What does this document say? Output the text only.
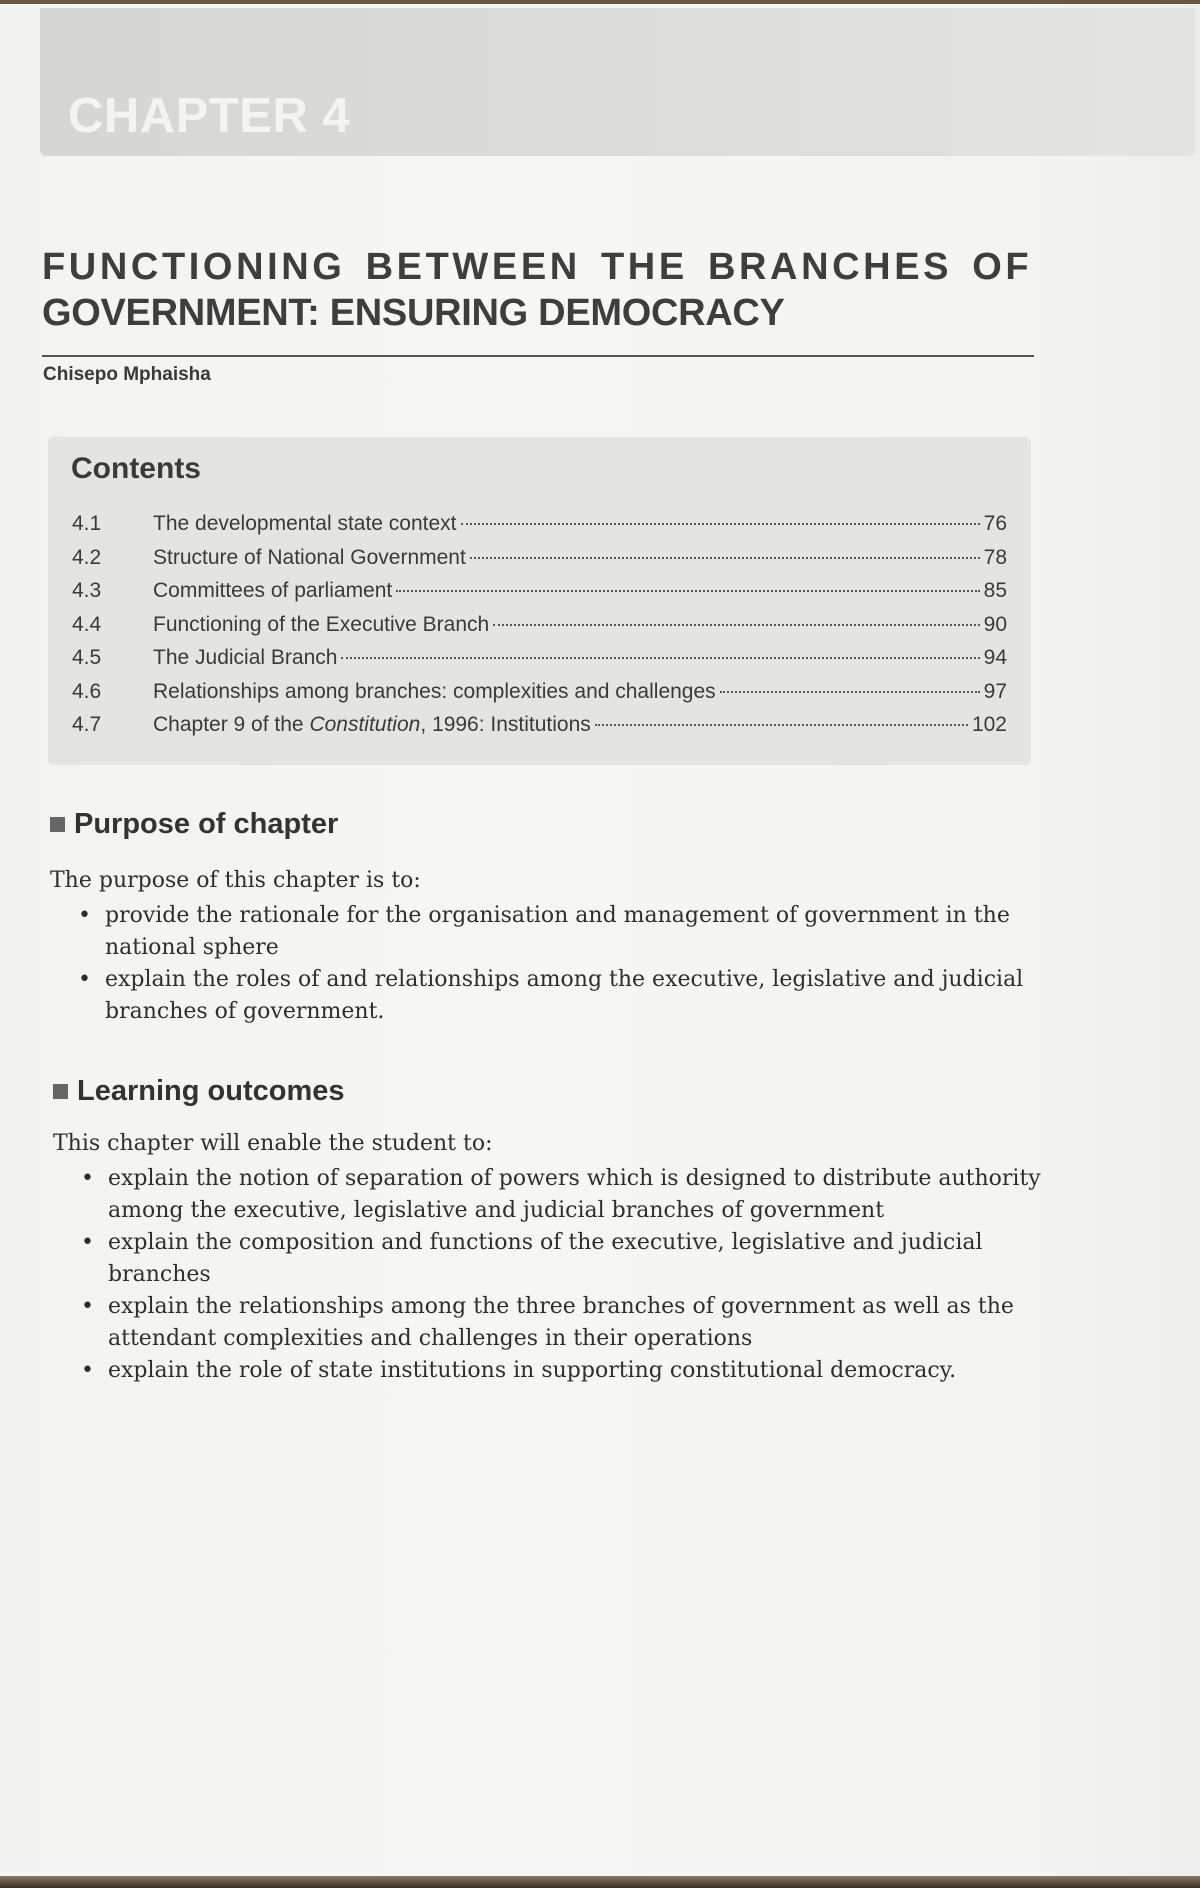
CHAPTER 4
FUNCTIONING BETWEEN THE BRANCHES OF
GOVERNMENT: ENSURING DEMOCRACY
Chisepo Mphaisha
Contents
4.1	The developmental state context	76
4.2	Structure of National Government	78
4.3	Committees of parliament	85
4.4	Functioning of the Executive Branch	90
4.5	The Judicial Branch	94
4.6	Relationships among branches: complexities and challenges	97
4.7	Chapter 9 of the Constitution, 1996: Institutions	102
Purpose of chapter

The purpose of this chapter is to:

• provide the rationale for the organisation and management of government in the national sphere
• explain the roles of and relationships among the executive, legislative and judicial branches of government.
Learning outcomes

This chapter will enable the student to:

• explain the notion of separation of powers which is designed to distribute authority among the executive, legislative and judicial branches of government
• explain the composition and functions of the executive, legislative and judicial branches
• explain the relationships among the three branches of government as well as the attendant complexities and challenges in their operations
• explain the role of state institutions in supporting constitutional democracy.
